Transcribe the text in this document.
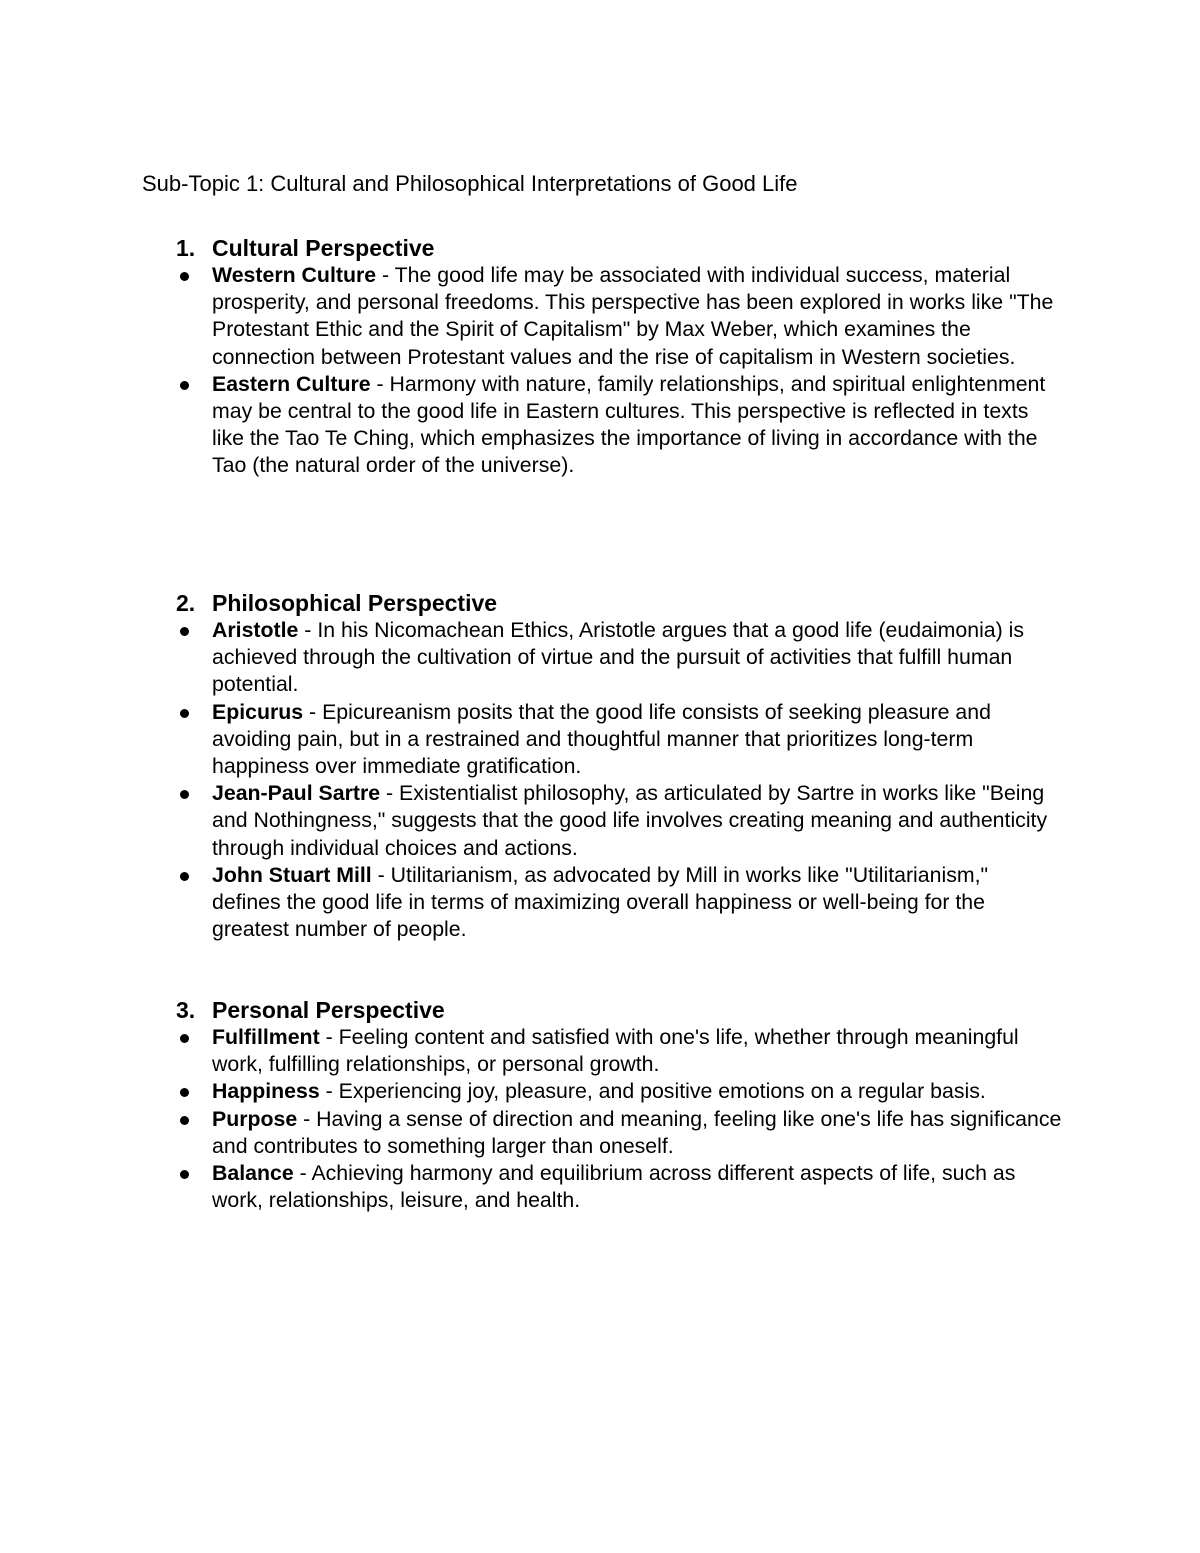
Sub-Topic 1: Cultural and Philosophical Interpretations of Good Life
1. Cultural Perspective
Western Culture - The good life may be associated with individual success, material prosperity, and personal freedoms. This perspective has been explored in works like "The Protestant Ethic and the Spirit of Capitalism" by Max Weber, which examines the connection between Protestant values and the rise of capitalism in Western societies.
Eastern Culture - Harmony with nature, family relationships, and spiritual enlightenment may be central to the good life in Eastern cultures. This perspective is reflected in texts like the Tao Te Ching, which emphasizes the importance of living in accordance with the Tao (the natural order of the universe).
2. Philosophical Perspective
Aristotle - In his Nicomachean Ethics, Aristotle argues that a good life (eudaimonia) is achieved through the cultivation of virtue and the pursuit of activities that fulfill human potential.
Epicurus - Epicureanism posits that the good life consists of seeking pleasure and avoiding pain, but in a restrained and thoughtful manner that prioritizes long-term happiness over immediate gratification.
Jean-Paul Sartre - Existentialist philosophy, as articulated by Sartre in works like "Being and Nothingness," suggests that the good life involves creating meaning and authenticity through individual choices and actions.
John Stuart Mill - Utilitarianism, as advocated by Mill in works like "Utilitarianism," defines the good life in terms of maximizing overall happiness or well-being for the greatest number of people.
3. Personal Perspective
Fulfillment - Feeling content and satisfied with one's life, whether through meaningful work, fulfilling relationships, or personal growth.
Happiness - Experiencing joy, pleasure, and positive emotions on a regular basis.
Purpose - Having a sense of direction and meaning, feeling like one's life has significance and contributes to something larger than oneself.
Balance - Achieving harmony and equilibrium across different aspects of life, such as work, relationships, leisure, and health.
